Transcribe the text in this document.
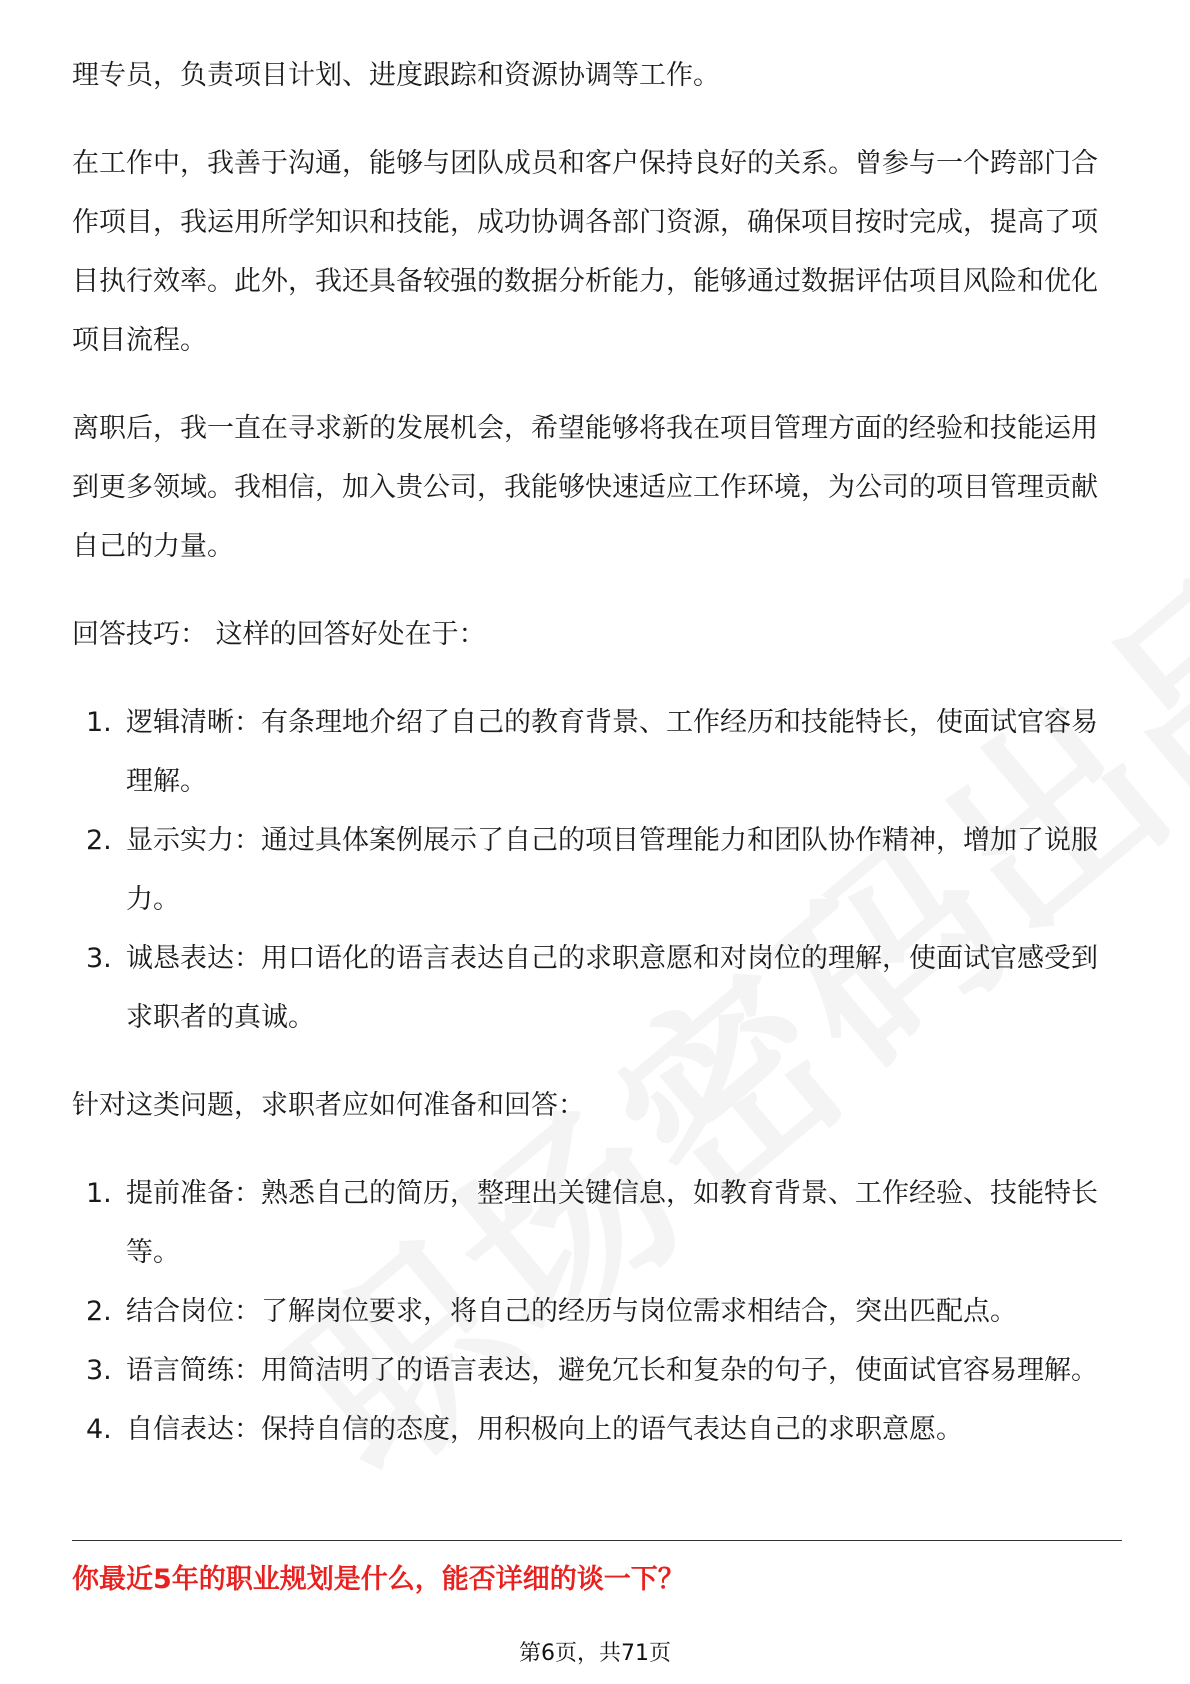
理专员，负责项目计划、进度跟踪和资源协调等工作。

在工作中，我善于沟通，能够与团队成员和客户保持良好的关系。曾参与一个跨部门合作项目，我运用所学知识和技能，成功协调各部门资源，确保项目按时完成，提高了项目执行效率。此外，我还具备较强的数据分析能力，能够通过数据评估项目风险和优化项目流程。

离职后，我一直在寻求新的发展机会，希望能够将我在项目管理方面的经验和技能运用到更多领域。我相信，加入贵公司，我能够快速适应工作环境，为公司的项目管理贡献自己的力量。

回答技巧： 这样的回答好处在于：

1. 逻辑清晰：有条理地介绍了自己的教育背景、工作经历和技能特长，使面试官容易理解。
2. 显示实力：通过具体案例展示了自己的项目管理能力和团队协作精神，增加了说服力。
3. 诚恳表达：用口语化的语言表达自己的求职意愿和对岗位的理解，使面试官感受到求职者的真诚。

针对这类问题，求职者应如何准备和回答：

1. 提前准备：熟悉自己的简历，整理出关键信息，如教育背景、工作经验、技能特长等。
2. 结合岗位：了解岗位要求，将自己的经历与岗位需求相结合，突出匹配点。
3. 语言简练：用简洁明了的语言表达，避免冗长和复杂的句子，使面试官容易理解。
4. 自信表达：保持自信的态度，用积极向上的语气表达自己的求职意愿。
你最近5年的职业规划是什么，能否详细的谈一下？
第6页，共71页
